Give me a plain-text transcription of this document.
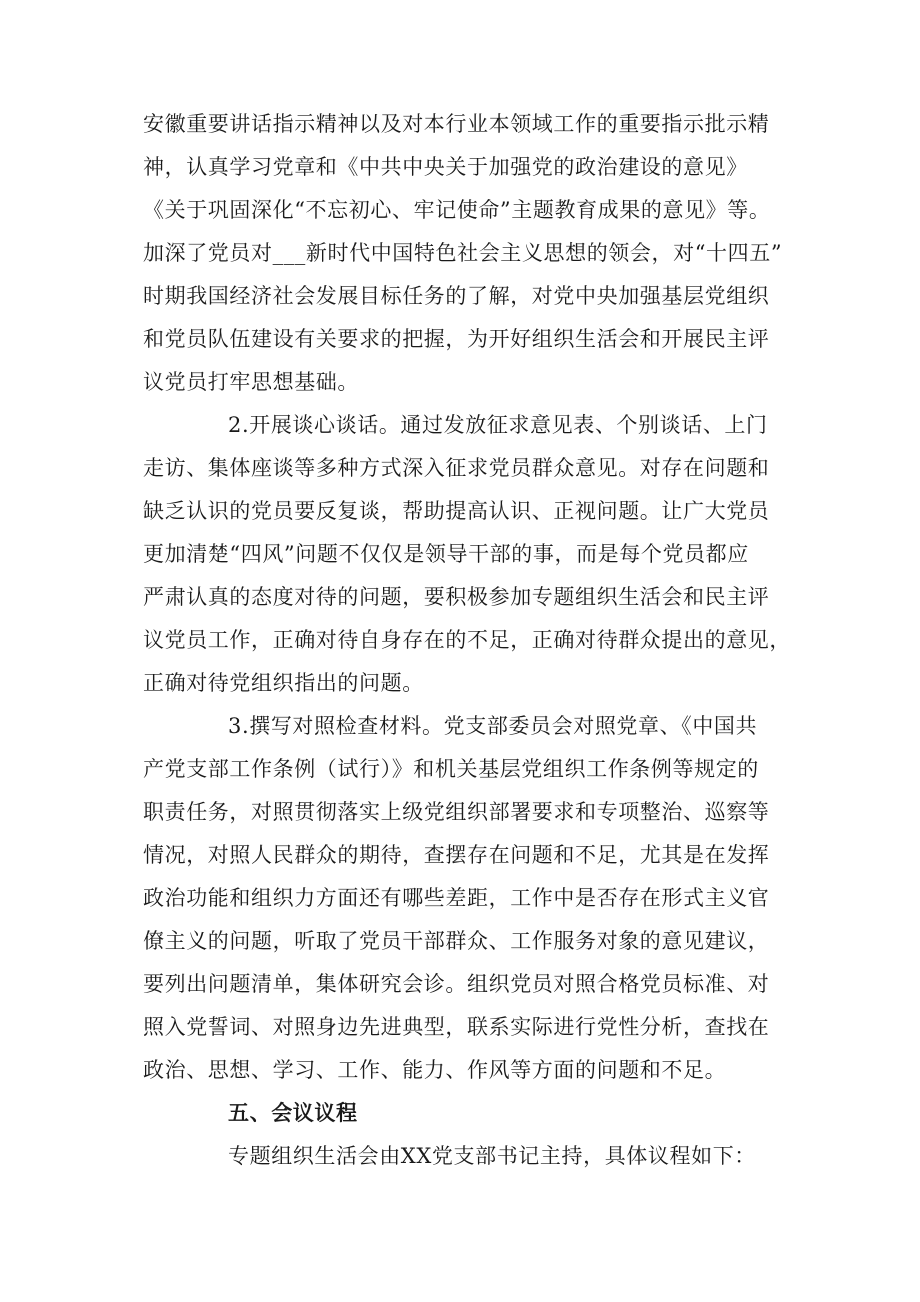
安徽重要讲话指示精神以及对本行业本领域工作的重要指示批示精
神，认真学习党章和《中共中央关于加强党的政治建设的意见》
《关于巩固深化“不忘初心、牢记使命”主题教育成果的意见》等。
加深了党员对___新时代中国特色社会主义思想的领会，对“十四五”
时期我国经济社会发展目标任务的了解，对党中央加强基层党组织
和党员队伍建设有关要求的把握，为开好组织生活会和开展民主评
议党员打牢思想基础。
2.开展谈心谈话。通过发放征求意见表、个别谈话、上门
走访、集体座谈等多种方式深入征求党员群众意见。对存在问题和
缺乏认识的党员要反复谈，帮助提高认识、正视问题。让广大党员
更加清楚“四风”问题不仅仅是领导干部的事，而是每个党员都应
严肃认真的态度对待的问题，要积极参加专题组织生活会和民主评
议党员工作，正确对待自身存在的不足，正确对待群众提出的意见，
正确对待党组织指出的问题。
3.撰写对照检查材料。党支部委员会对照党章、《中国共
产党支部工作条例（试行）》和机关基层党组织工作条例等规定的
职责任务，对照贯彻落实上级党组织部署要求和专项整治、巡察等
情况，对照人民群众的期待，查摆存在问题和不足，尤其是在发挥
政治功能和组织力方面还有哪些差距，工作中是否存在形式主义官
僚主义的问题，听取了党员干部群众、工作服务对象的意见建议，
要列出问题清单，集体研究会诊。组织党员对照合格党员标准、对
照入党誓词、对照身边先进典型，联系实际进行党性分析，查找在
政治、思想、学习、工作、能力、作风等方面的问题和不足。
五、会议议程
专题组织生活会由XX党支部书记主持，具体议程如下：
